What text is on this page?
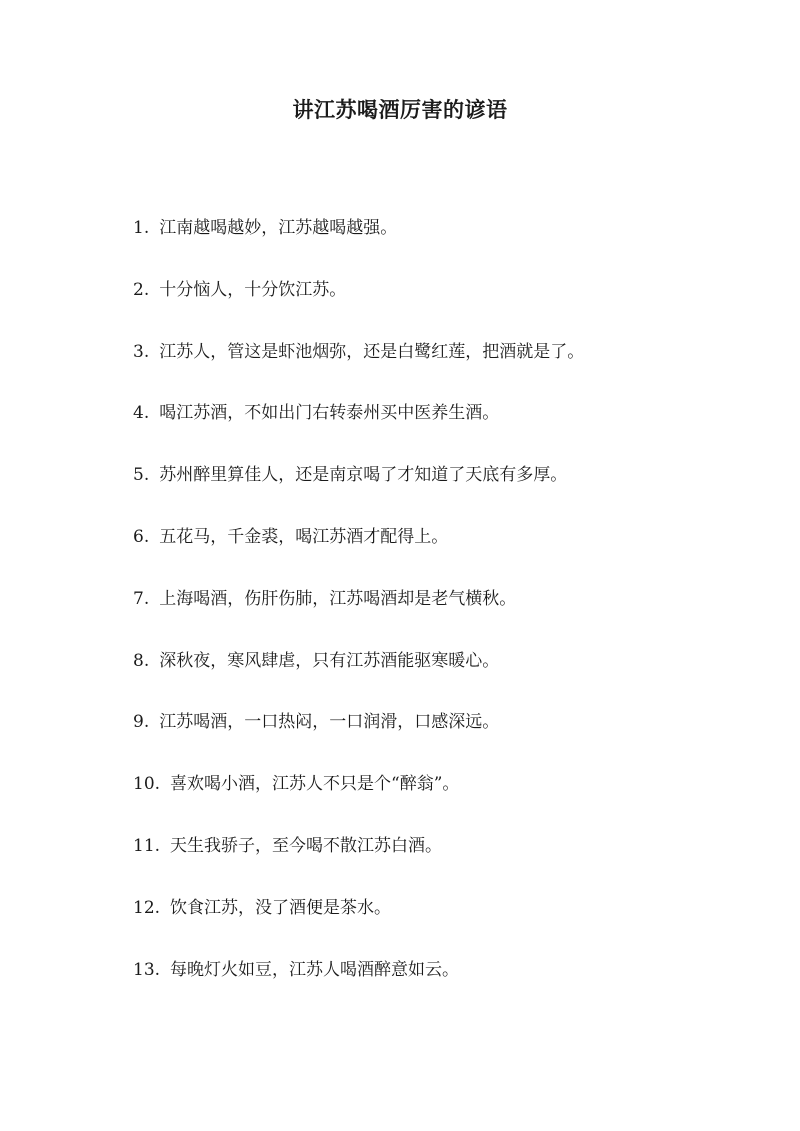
讲江苏喝酒厉害的谚语
1. 江南越喝越妙，江苏越喝越强。
2. 十分恼人，十分饮江苏。
3. 江苏人，管这是虾池烟弥，还是白鹭红莲，把酒就是了。
4. 喝江苏酒，不如出门右转泰州买中医养生酒。
5. 苏州醉里算佳人，还是南京喝了才知道了天底有多厚。
6. 五花马，千金裘，喝江苏酒才配得上。
7. 上海喝酒，伤肝伤肺，江苏喝酒却是老气横秋。
8. 深秋夜，寒风肆虐，只有江苏酒能驱寒暖心。
9. 江苏喝酒，一口热闷，一口润滑，口感深远。
10. 喜欢喝小酒，江苏人不只是个“醉翁”。
11. 天生我骄子，至今喝不散江苏白酒。
12. 饮食江苏，没了酒便是茶水。
13. 每晚灯火如豆，江苏人喝酒醉意如云。
